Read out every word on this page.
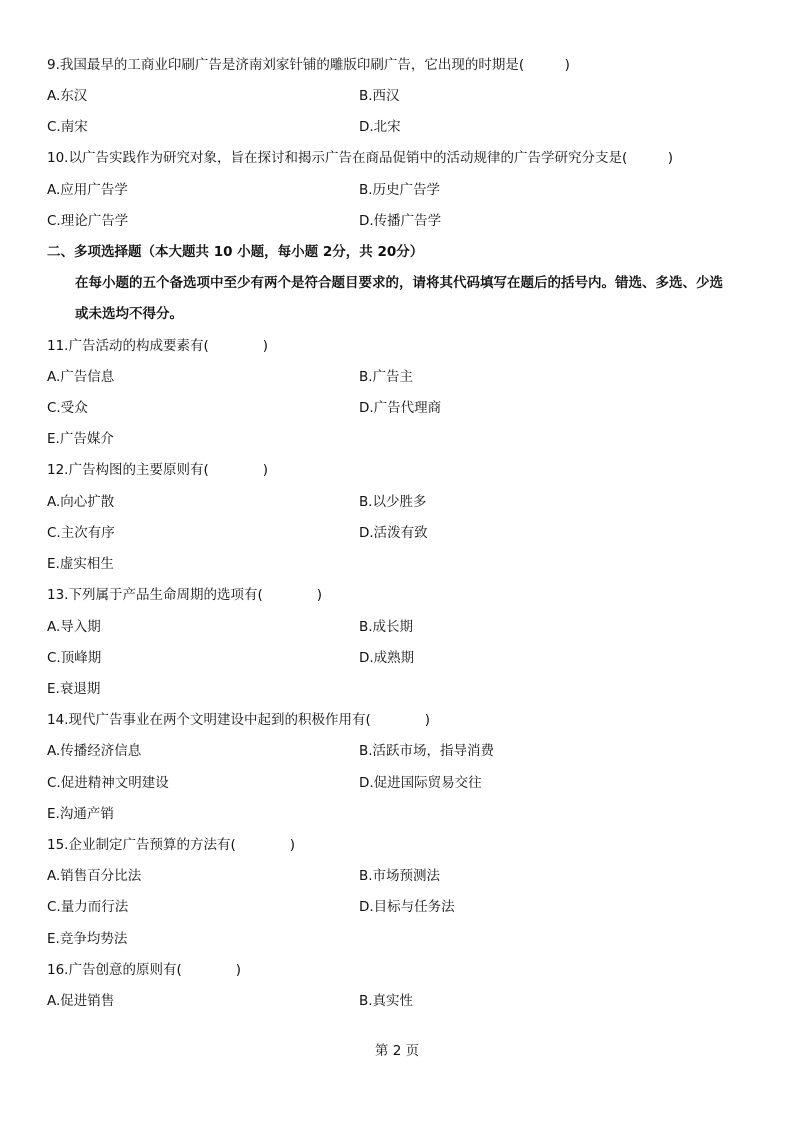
9.我国最早的工商业印刷广告是济南刘家针铺的雕版印刷广告，它出现的时期是(　　　)
A.东汉	B.西汉
C.南宋	D.北宋
10.以广告实践作为研究对象，旨在探讨和揭示广告在商品促销中的活动规律的广告学研究分支是(　　　)
A.应用广告学	B.历史广告学
C.理论广告学	D.传播广告学
二、多项选择题（本大题共 10 小题，每小题 2分，共 20分）
在每小题的五个备选项中至少有两个是符合题目要求的，请将其代码填写在题后的括号内。错选、多选、少选
或未选均不得分。
11.广告活动的构成要素有(　　　　)
A.广告信息	B.广告主
C.受众	D.广告代理商
E.广告媒介
12.广告构图的主要原则有(　　　　)
A.向心扩散	B.以少胜多
C.主次有序	D.活泼有致
E.虚实相生
13.下列属于产品生命周期的选项有(　　　　)
A.导入期	B.成长期
C.顶峰期	D.成熟期
E.衰退期
14.现代广告事业在两个文明建设中起到的积极作用有(　　　　)
A.传播经济信息	B.活跃市场，指导消费
C.促进精神文明建设	D.促进国际贸易交往
E.沟通产销
15.企业制定广告预算的方法有(　　　　)
A.销售百分比法	B.市场预测法
C.量力而行法	D.目标与任务法
E.竞争均势法
16.广告创意的原则有(　　　　)
A.促进销售	B.真实性
第 2 页
